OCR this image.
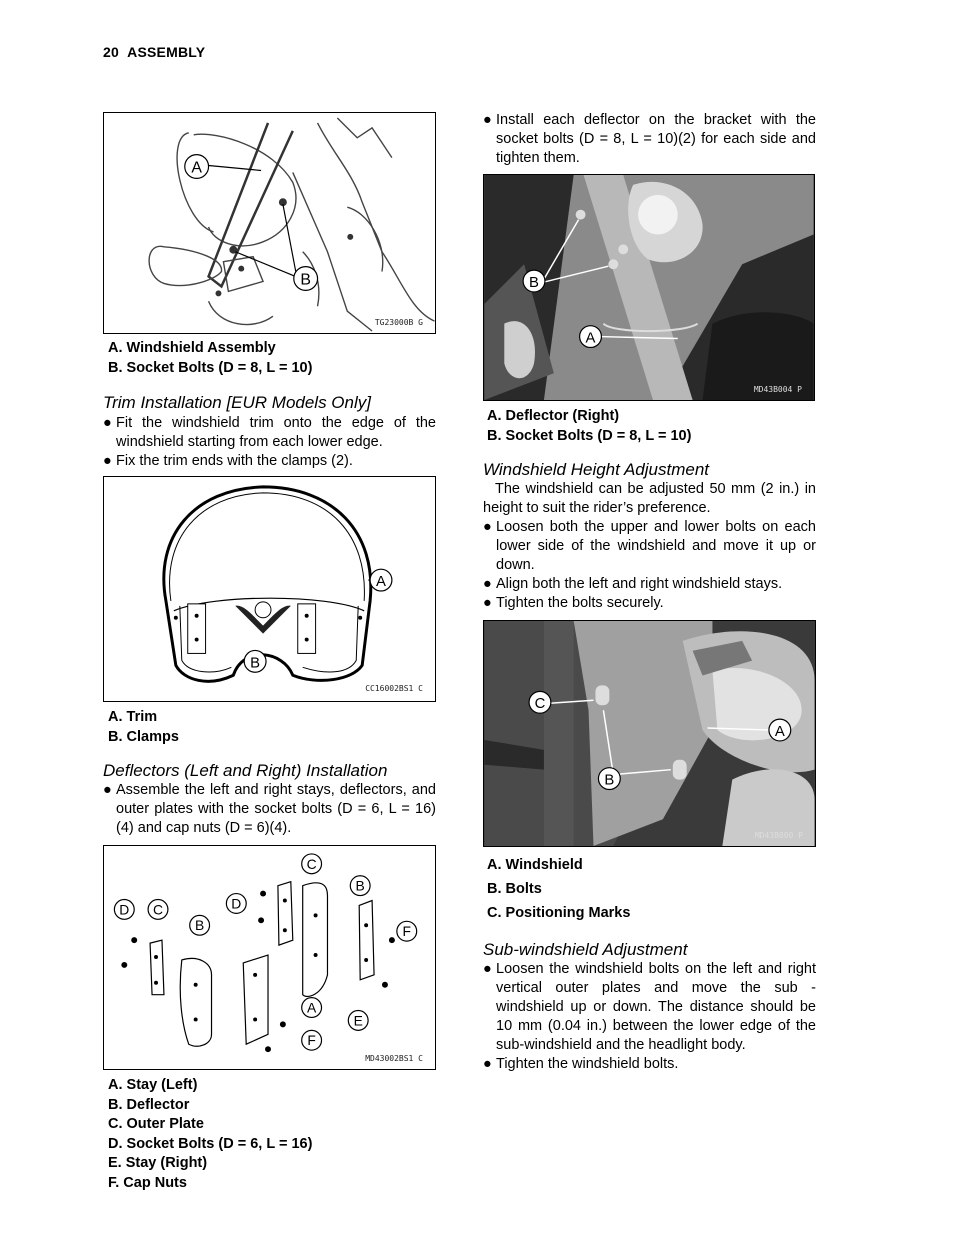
20 ASSEMBLY
A
B
TG23000B G
A. Windshield Assembly
B. Socket Bolts (D = 8, L = 10)
Trim Installation [EUR Models Only]
● Fit the windshield trim onto the edge of the windshield starting from each lower edge.
● Fix the trim ends with the clamps (2).
A
B
CC16002BS1 C
A. Trim
B. Clamps
Deflectors (Left and Right) Installation
● Assemble the left and right stays, deflectors, and outer plates with the socket bolts (D = 6, L = 16)(4) and cap nuts (D = 6)(4).
D C
B
D
C
B
F
A
E
F
MD43002BS1 C
A. Stay (Left)
B. Deflector
C. Outer Plate
D. Socket Bolts (D = 6, L = 16)
E. Stay (Right)
F. Cap Nuts
● Install each deflector on the bracket with the socket bolts (D = 8, L = 10)(2) for each side and tighten them.
B
A
MD43B004 P
A. Deflector (Right)
B. Socket Bolts (D = 8, L = 10)
Windshield Height Adjustment

The windshield can be adjusted 50 mm (2 in.) in height to suit the rider’s preference.

● Loosen both the upper and lower bolts on each lower side of the windshield and move it up or down.
● Align both the left and right windshield stays.
● Tighten the bolts securely.
C
A
B
MD43B000 P
A. Windshield
B. Bolts
C. Positioning Marks
Sub-windshield Adjustment
● Loosen the windshield bolts on the left and right vertical outer plates and move the sub -windshield up or down. The distance should be 10 mm (0.04 in.) between the lower edge of the sub-windshield and the headlight body.
● Tighten the windshield bolts.
